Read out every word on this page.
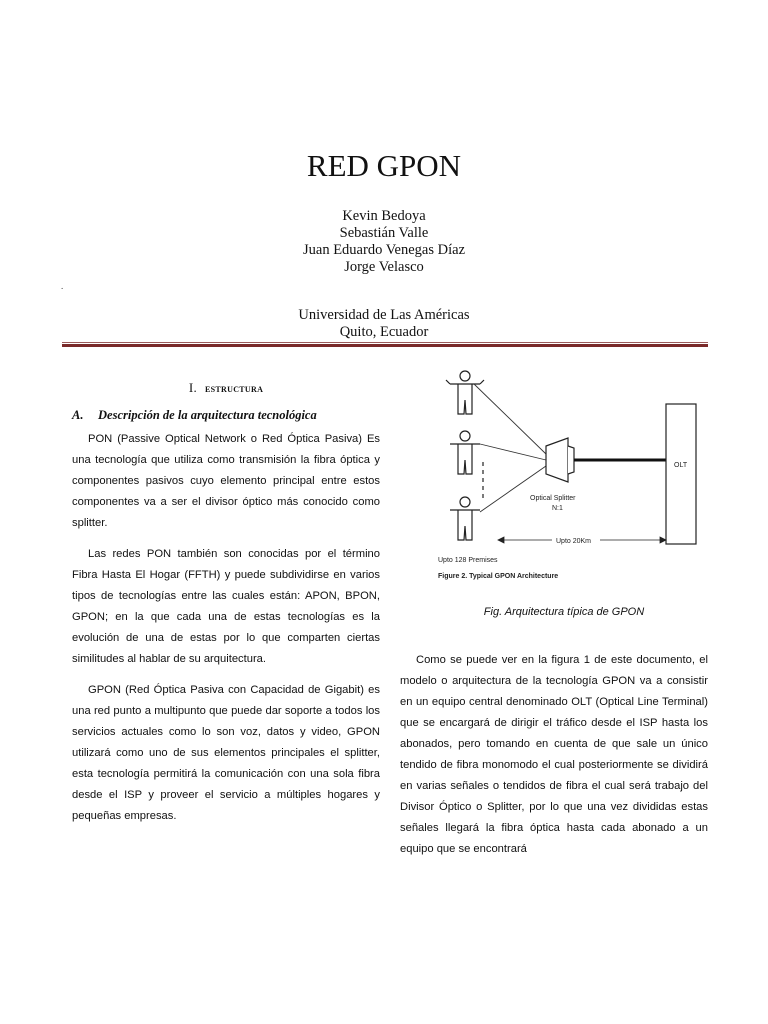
RED GPON
Kevin Bedoya
Sebastián Valle
Juan Eduardo Venegas Díaz
Jorge Velasco
.
Universidad de Las Américas
Quito, Ecuador
I. estructura
A. Descripción de la arquitectura tecnológica

PON (Passive Optical Network o Red Óptica Pasiva) Es una tecnología que utiliza como transmisión la fibra óptica y componentes pasivos cuyo elemento principal entre estos componentes va a ser el divisor óptico más conocido como splitter.

Las redes PON también son conocidas por el término Fibra Hasta El Hogar (FFTH) y puede subdividirse en varios tipos de tecnologías entre las cuales están: APON, BPON, GPON; en la que cada una de estas tecnologías es la evolución de una de estas por lo que comparten ciertas similitudes al hablar de su arquitectura.

GPON (Red Óptica Pasiva con Capacidad de Gigabit) es una red punto a multipunto que puede dar soporte a todos los servicios actuales como lo son voz, datos y video, GPON utilizará como uno de sus elementos principales el splitter, esta tecnología permitirá la comunicación con una sola fibra desde el ISP y proveer el servicio a múltiples hogares y pequeñas empresas.

OLT
Optical Splitter
N:1
Upto 20Km
Upto 128 Premises
Figure 2. Typical GPON Architecture
Fig. Arquitectura típica de GPON

Como se puede ver en la figura 1 de este documento, el modelo o arquitectura de la tecnología GPON va a consistir en un equipo central denominado OLT (Optical Line Terminal) que se encargará de dirigir el tráfico desde el ISP hasta los abonados, pero tomando en cuenta de que sale un único tendido de fibra monomodo el cual posteriormente se dividirá en varias señales o tendidos de fibra el cual será trabajo del Divisor Óptico o Splitter, por lo que una vez divididas estas señales llegará la fibra óptica hasta cada abonado a un equipo que se encontrará
